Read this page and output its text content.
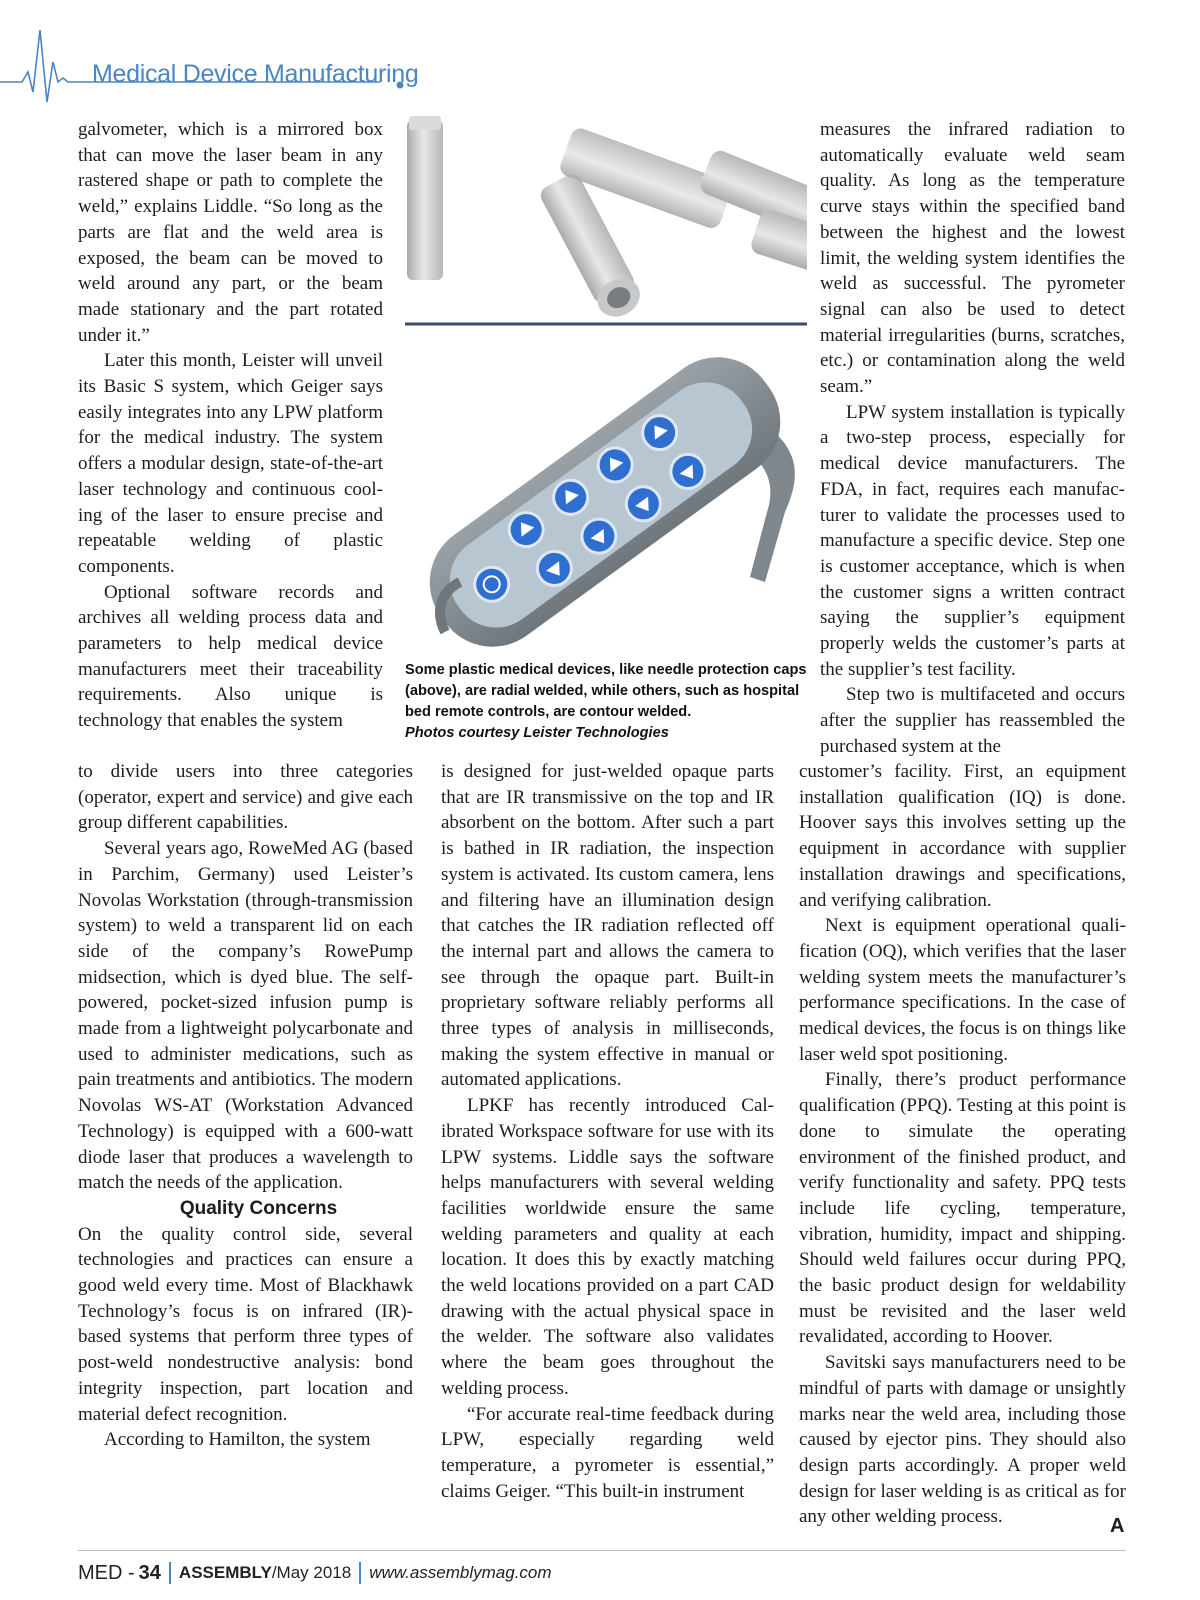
Medical Device Manufacturing

galvometer, which is a mirrored box that can move the laser beam in any rastered shape or path to complete the weld,” explains Liddle. “So long as the parts are flat and the weld area is exposed, the beam can be moved to weld around any part, or the beam made stationary and the part rotated under it.”

Later this month, Leister will unveil its Basic S system, which Geiger says easily integrates into any LPW platform for the medical industry. The system offers a modular design, state-of-the-art laser technology and continuous cooling of the laser to ensure precise and repeatable welding of plastic components.

Optional software records and archives all welding process data and parameters to help medical device manufacturers meet their traceability requirements. Also unique is technology that enables the system

Some plastic medical devices, like needle protection caps (above), are radial welded, while others, such as hospital bed remote controls, are contour welded.
Photos courtesy Leister Technologies

to divide users into three categories (operator, expert and service) and give each group different capabilities.

Several years ago, RoweMed AG (based in Parchim, Germany) used Leister’s Novolas Workstation (through-transmission system) to weld a transparent lid on each side of the company’s RowePump midsection, which is dyed blue. The self-powered, pocket-sized infusion pump is made from a lightweight polycarbonate and used to administer medications, such as pain treatments and antibiotics. The modern Novolas WS-AT (Workstation Advanced Technology) is equipped with a 600-watt diode laser that produces a wavelength to match the needs of the application.

Quality Concerns

On the quality control side, several technologies and practices can ensure a good weld every time. Most of Blackhawk Technology’s focus is on infrared (IR)-based systems that perform three types of post-weld nondestructive analysis: bond integrity inspection, part location and material defect recognition.

According to Hamilton, the system

is designed for just-welded opaque parts that are IR transmissive on the top and IR absorbent on the bottom. After such a part is bathed in IR radiation, the inspection system is activated. Its custom camera, lens and filtering have an illumination design that catches the IR radiation reflected off the internal part and allows the camera to see through the opaque part. Built-in proprietary software reliably performs all three types of analysis in milliseconds, making the system effective in manual or automated applications.

LPKF has recently introduced Calibrated Workspace software for use with its LPW systems. Liddle says the software helps manufacturers with several welding facilities worldwide ensure the same welding parameters and quality at each location. It does this by exactly matching the weld locations provided on a part CAD drawing with the actual physical space in the welder. The software also validates where the beam goes throughout the welding process.

“For accurate real-time feedback during LPW, especially regarding weld temperature, a pyrometer is essential,” claims Geiger. “This built-in instrument

measures the infrared radiation to automatically evaluate weld seam quality. As long as the temperature curve stays within the specified band between the highest and the lowest limit, the welding system identifies the weld as successful. The pyrometer signal can also be used to detect material irregularities (burns, scratches, etc.) or contamination along the weld seam.”

LPW system installation is typically a two-step process, especially for medical device manufacturers. The FDA, in fact, requires each manufacturer to validate the processes used to manufacture a specific device. Step one is customer acceptance, which is when the customer signs a written contract saying the supplier’s equipment properly welds the customer’s parts at the supplier’s test facility.

Step two is multifaceted and occurs after the supplier has reassembled the purchased system at the

customer’s facility. First, an equipment installation qualification (IQ) is done. Hoover says this involves setting up the equipment in accordance with supplier installation drawings and specifications, and verifying calibration.

Next is equipment operational qualification (OQ), which verifies that the laser welding system meets the manufacturer’s performance specifications. In the case of medical devices, the focus is on things like laser weld spot positioning.

Finally, there’s product performance qualification (PPQ). Testing at this point is done to simulate the operating environment of the finished product, and verify functionality and safety. PPQ tests include life cycling, temperature, vibration, humidity, impact and shipping. Should weld failures occur during PPQ, the basic product design for weldability must be revisited and the laser weld revalidated, according to Hoover.

Savitski says manufacturers need to be mindful of parts with damage or unsightly marks near the weld area, including those caused by ejector pins. They should also design parts accordingly. A proper weld design for laser welding is as critical as for any other welding process.	A
MED - 34 ASSEMBLY /May 2018 www.assemblymag.com
